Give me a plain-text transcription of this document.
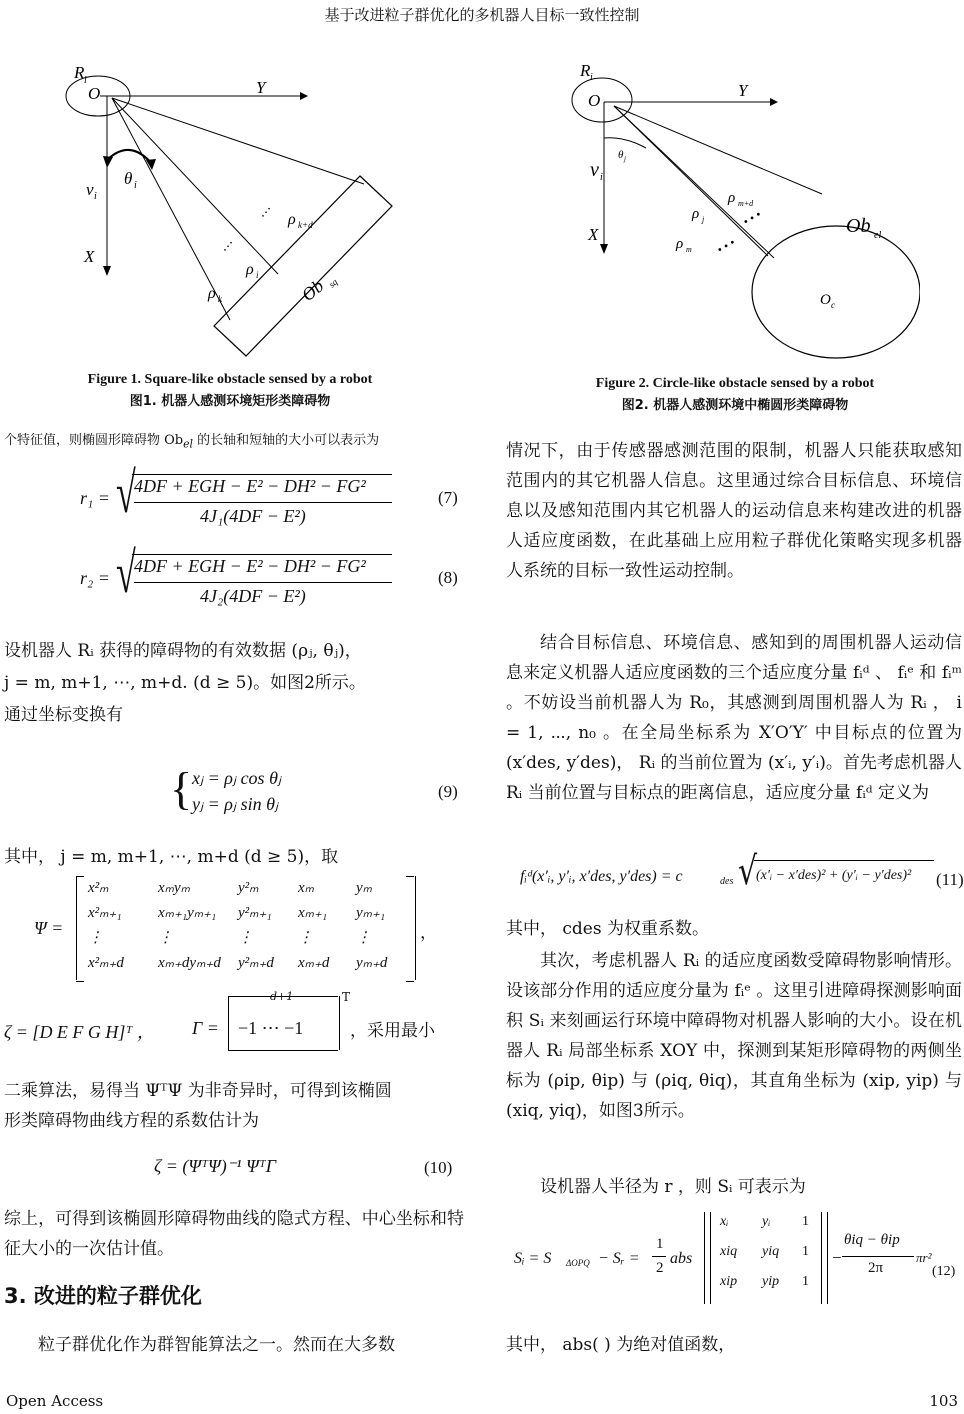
基于改进粒子群优化的多机器人目标一致性控制
Open Access	103
R i
O	Y
X
v i
θ i
ρ k
ρ i
ρ k+d
…
…
Ob sq
Figure 1. Square-like obstacle sensed by a robot
图1. 机器人感测环境矩形类障碍物
R i
O
Y
X
v i
θ j
ρ m+d
ρ j
ρ m
• • •
• • •
Ob el
O c
Figure 2. Circle-like obstacle sensed by a robot
图2. 机器人感测环境中椭圆形类障碍物
个特征值，则椭圆形障碍物 $Ob_{el}$ 的长轴和短轴的大小可以表示为
r₁ = √
4DF + EGH − E² − DH² − FG²
4J₁(4DF − E²)
(7)
r₂ = √
4DF + EGH − E² − DH² − FG²
4J₂(4DF − E²)
(8)
设机器人 Rᵢ 获得的障碍物的有效数据 (ρⱼ, θⱼ)，
j = m, m+1, ⋯, m+d. (d ≥ 5)。如图2所示。
通过坐标变换有
{ xⱼ = ρⱼ cos θⱼ
yⱼ = ρⱼ sin θⱼ
(9)
其中， j = m, m+1, ⋯, m+d (d ≥ 5)，取
Ψ =
x²ₘ	xₘyₘ	y²ₘ	xₘ	yₘ
x²ₘ₊₁ xₘ₊₁yₘ₊₁ y²ₘ₊₁ xₘ₊₁ yₘ₊₁
⋮	⋮	⋮	⋮	⋮
x²ₘ₊d xₘ₊dyₘ₊d y²ₘ₊d xₘ₊d yₘ₊d
，
ζ = [D E F G H]ᵀ ， Γ =
d+1
−1 ⋯ −1
T
，采用最小
二乘算法，易得当 ΨᵀΨ 为非奇异时，可得到该椭圆
形类障碍物曲线方程的系数估计为
ζ = (ΨᵀΨ)⁻¹ ΨᵀΓ	(10)
综上，可得到该椭圆形障碍物曲线的隐式方程、中心坐标和特征大小的一次估计值。
3. 改进的粒子群优化
粒子群优化作为群智能算法之一。然而在大多数
情况下，由于传感器感测范围的限制，机器人只能获取感知范围内的其它机器人信息。这里通过综合目标信息、环境信息以及感知范围内其它机器人的运动信息来构建改进的机器人适应度函数，在此基础上应用粒子群优化策略实现多机器人系统的目标一致性运动控制。
结合目标信息、环境信息、感知到的周围机器人运动信息来定义机器人适应度函数的三个适应度分量 fᵢᵈ 、 fᵢᵉ 和 fᵢᵐ 。不妨设当前机器人为 R₀，其感测到周围机器人为 Rᵢ ， i = 1, ⋯, n₀ 。在全局坐标系为 X′O′Y′ 中目标点的位置为 (x′des, y′des)， Rᵢ 的当前位置为 (x′ᵢ, y′ᵢ)。首先考虑机器人 Rᵢ 当前位置与目标点的距离信息，适应度分量 fᵢᵈ 定义为
fᵢᵈ(x′ᵢ, y′ᵢ, x′des, y′des) = c	des √
(x′ᵢ − x′des)² + (y′ᵢ − y′des)² (11)
其中， cdes 为权重系数。
其次，考虑机器人 Rᵢ 的适应度函数受障碍物影响情形。设该部分作用的适应度分量为 fᵢᵉ 。这里引进障碍探测影响面积 Sᵢ 来刻画运行环境中障碍物对机器人影响的大小。设在机器人 Rᵢ 局部坐标系 XOY 中，探测到某矩形障碍物的两侧坐标为 (ρip, θip) 与 (ρiq, θiq)，其直角坐标为 (xip, yip) 与 (xiq, yiq)，如图3所示。
设机器人半径为 r ，则 Sᵢ 可表示为
Sᵢ = S ΔOPQ − Sᵣ =
1
2
abs
xᵢ yᵢ 1
xiq yiq 1
xip yip 1
−
θiq − θip
2π
πr²
(12)
其中， abs( ) 为绝对值函数，
